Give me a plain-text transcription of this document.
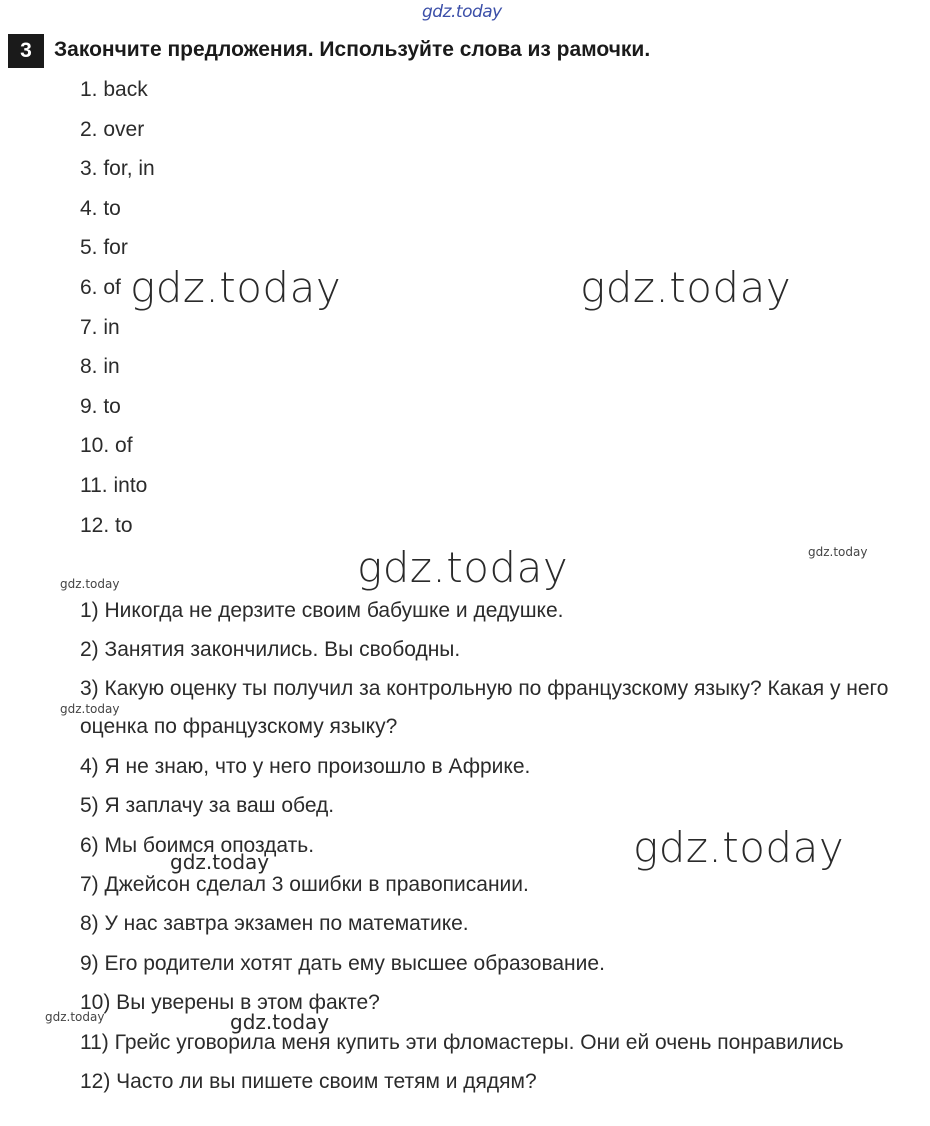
gdz.today
3	Закончите предложения. Используйте слова из рамочки.
1. back
2. over
3. for, in
4. to
5. for
6. of
7. in
8. in
9. to
10. of
11. into
12. to
1) Никогда не дерзите своим бабушке и дедушке.
2) Занятия закончились. Вы свободны.
3) Какую оценку ты получил за контрольную по французскому языку? Какая у него оценка по французскому языку?
4) Я не знаю, что у него произошло в Африке.
5) Я заплачу за ваш обед.
6) Мы боимся опоздать.
7) Джейсон сделал 3 ошибки в правописании.
8) У нас завтра экзамен по математике.
9) Его родители хотят дать ему высшее образование.
10) Вы уверены в этом факте?
11) Грейс уговорила меня купить эти фломастеры. Они ей очень понравились
12) Часто ли вы пишете своим тетям и дядям?
gdz.today	gdz.today
gdz.today
gdz.today
gdz.today
gdz.today
gdz.today
gdz.today
gdz.today
gdz.today
